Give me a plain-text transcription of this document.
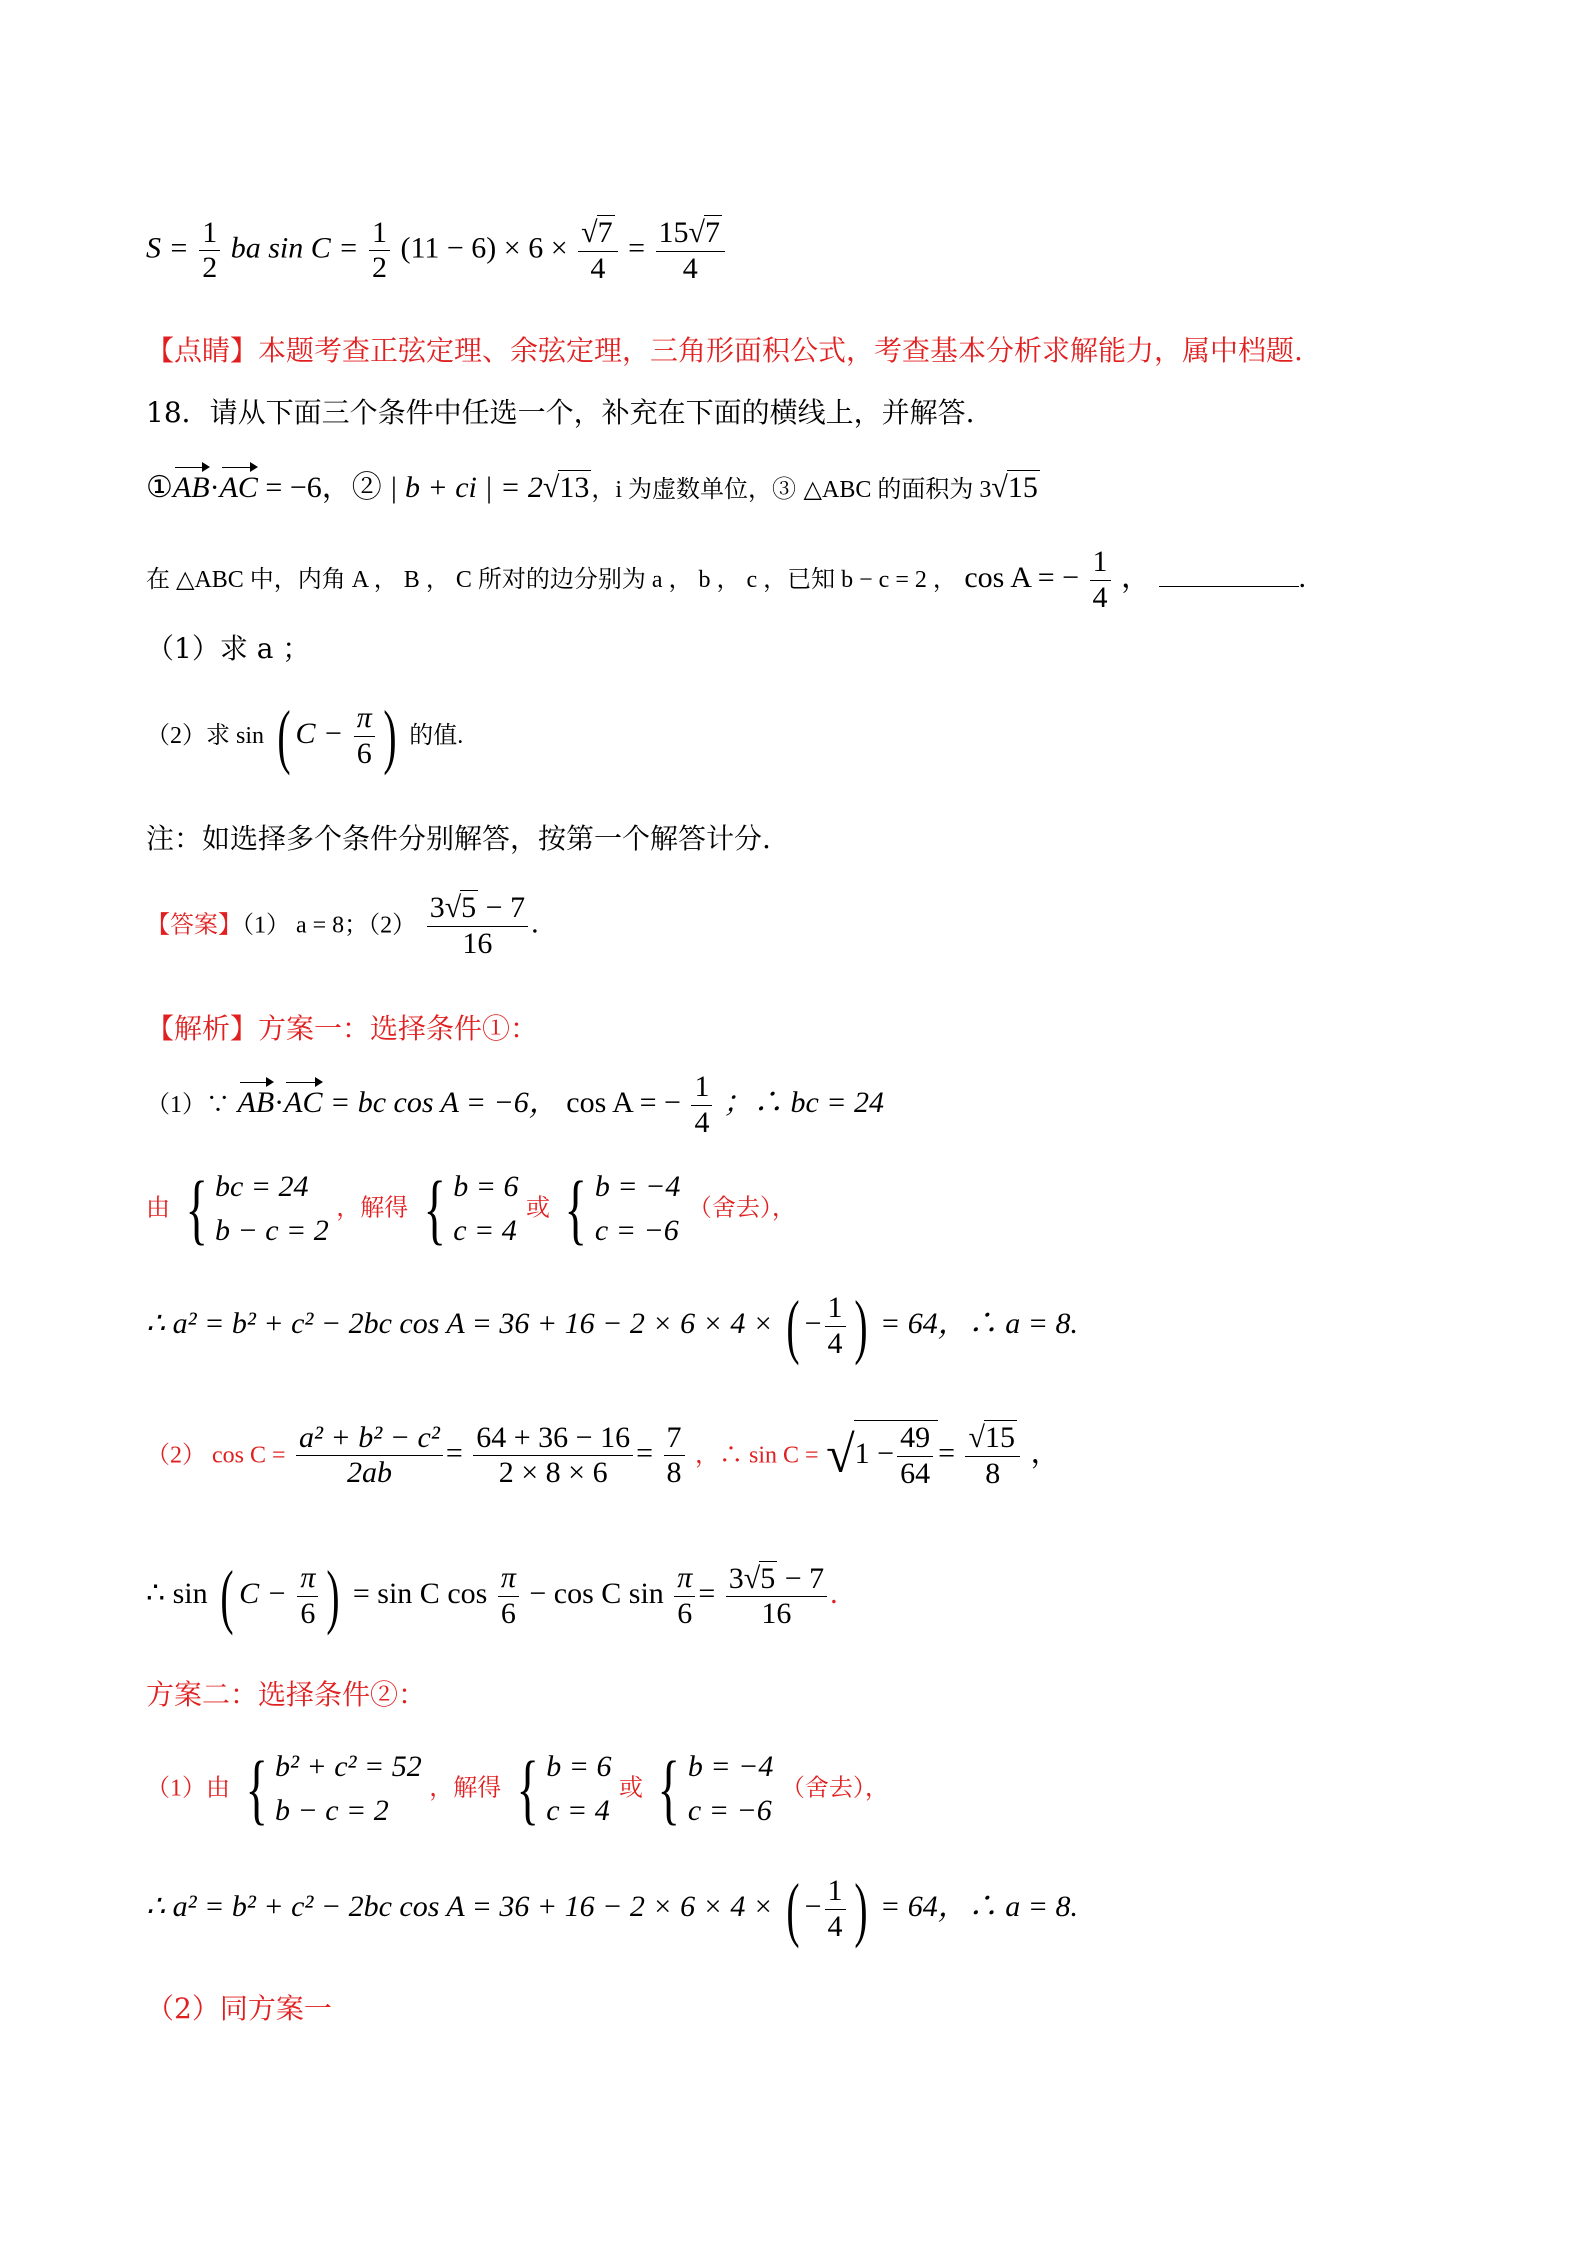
$S = \frac{1}{2}$ ba $\sin C = \frac{1}{2} (11 - 6) \times 6 \times \frac{√7}{4} = \frac{15√7}{4}$
【点睛】本题考查正弦定理、余弦定理，三角形面积公式，考查基本分析求解能力，属中档题.
18．请从下面三个条件中任选一个，补充在下面的横线上，并解答.
①AB·AC = −6，② | b + ci | = 2√13，i 为虚数单位，③ △ABC 的面积为 3√15
在 △ABC 中，内角 A ， B ， C 所对的边分别为 a ， b ， c ，已知 b − c = 2 ， cos A = − $\frac{1}{4}$ ，	.
（1）求 a ；
（2）求 sin ( $C - \frac{\pi}{6}$ ) 的值.
注：如选择多个条件分别解答，按第一个解答计分.
【答案】（1） a = 8；$(2) \frac{3√5 - 7}{16}$ .
【解析】方案一：选择条件①：
（1）∵ AB·AC = bc cos A = −6， cos A = − $\frac{1}{4}$ ；∴ bc = 24
由 { bc = 24
b − c = 2
，解得 { b = 6
c = 4
或 { b = −4
c = −6
（舍去），
∴ a² = b² + c² − 2bc cos A = 36 + 16 − 2 × 6 × 4 × ( − $\frac{1}{4}$ ) = 64，∴ a = 8.
（2） $\cos C = \frac{\text{a² + b² − c²}}{2ab} = \frac{64 + 36 - 16}{2 \times 8 \times 6} = \frac{7}{8}$ ，∴ $\sin C = √1 - \frac{49}{64} = \frac{√15}{8}$ ，
∴ sin ( $C - \frac{\pi}{6}$ ) = sin C $\cos \frac{\pi}{6} - \cos C$ $\sin \frac{\pi}{6} = \frac{3√5 - 7}{16}$ .
方案二：选择条件②：
（1）由 { b² + c² = 52
b − c = 2
，解得 { b = 6
c = 4
或 { b = −4
c = −6
（舍去），
∴ a² = b² + c² − 2bc cos A = 36 + 16 − 2 × 6 × 4 × ( − $\frac{1}{4}$ ) = 64，∴ a = 8.
（2）同方案一
